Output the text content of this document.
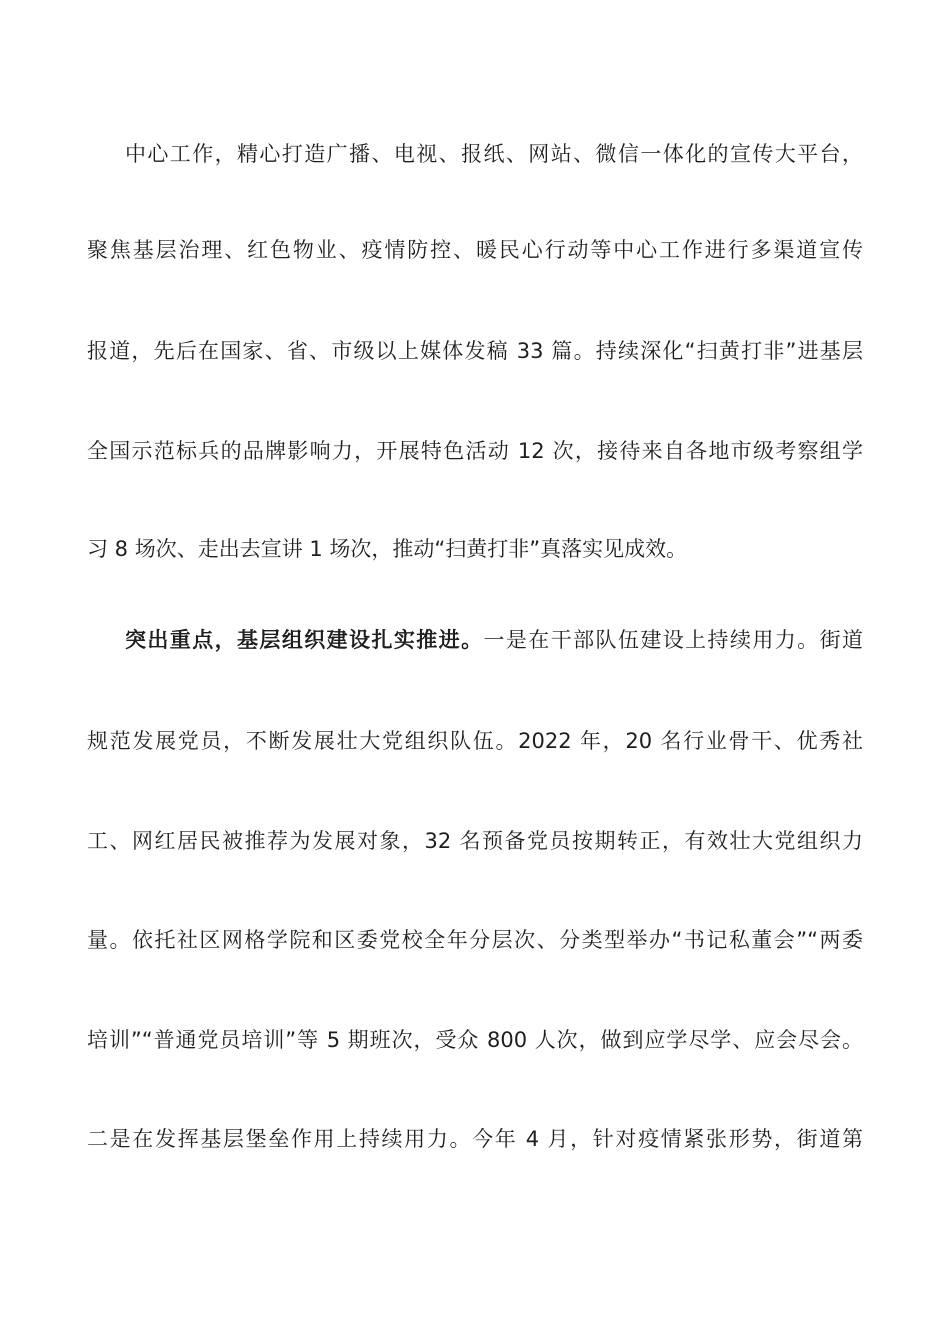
中心工作，精心打造广播、电视、报纸、网站、微信一体化的宣传大平台，
聚焦基层治理、红色物业、疫情防控、暖民心行动等中心工作进行多渠道宣传
报道，先后在国家、省、市级以上媒体发稿 33 篇。持续深化“扫黄打非”进基层
全国示范标兵的品牌影响力，开展特色活动 12 次，接待来自各地市级考察组学
习 8 场次、走出去宣讲 1 场次，推动“扫黄打非”真落实见成效。
突出重点，基层组织建设扎实推进。一是在干部队伍建设上持续用力。街道
规范发展党员，不断发展壮大党组织队伍。2022 年，20 名行业骨干、优秀社
工、网红居民被推荐为发展对象，32 名预备党员按期转正，有效壮大党组织力
量。依托社区网格学院和区委党校全年分层次、分类型举办“书记私董会”“两委
培训”“普通党员培训”等 5 期班次，受众 800 人次，做到应学尽学、应会尽会。
二是在发挥基层堡垒作用上持续用力。今年 4 月，针对疫情紧张形势，街道第
